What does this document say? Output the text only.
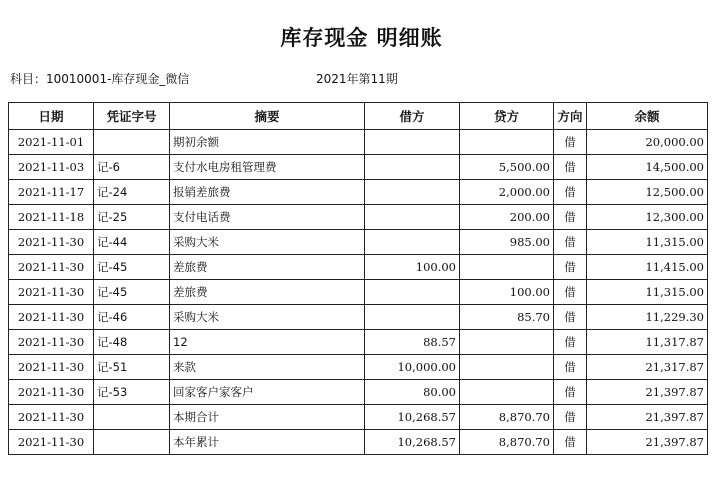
库存现金 明细账
科目：10010001-库存现金_微信	2021年第11期
日期	凭证字号	摘要	借方	贷方	方向	余额
2021-11-01		期初余额			借	20,000.00
2021-11-03	记-6	支付水电房租管理费		5,500.00	借	14,500.00
2021-11-17	记-24	报销差旅费		2,000.00	借	12,500.00
2021-11-18	记-25	支付电话费		200.00	借	12,300.00
2021-11-30	记-44	采购大米		985.00	借	11,315.00
2021-11-30	记-45	差旅费	100.00		借	11,415.00
2021-11-30	记-45	差旅费		100.00	借	11,315.00
2021-11-30	记-46	采购大米		85.70	借	11,229.30
2021-11-30	记-48	12	88.57		借	11,317.87
2021-11-30	记-51	来款	10,000.00		借	21,317.87
2021-11-30	记-53	回家客户家客户	80.00		借	21,397.87
2021-11-30		本期合计	10,268.57	8,870.70	借	21,397.87
2021-11-30		本年累计	10,268.57	8,870.70	借	21,397.87
